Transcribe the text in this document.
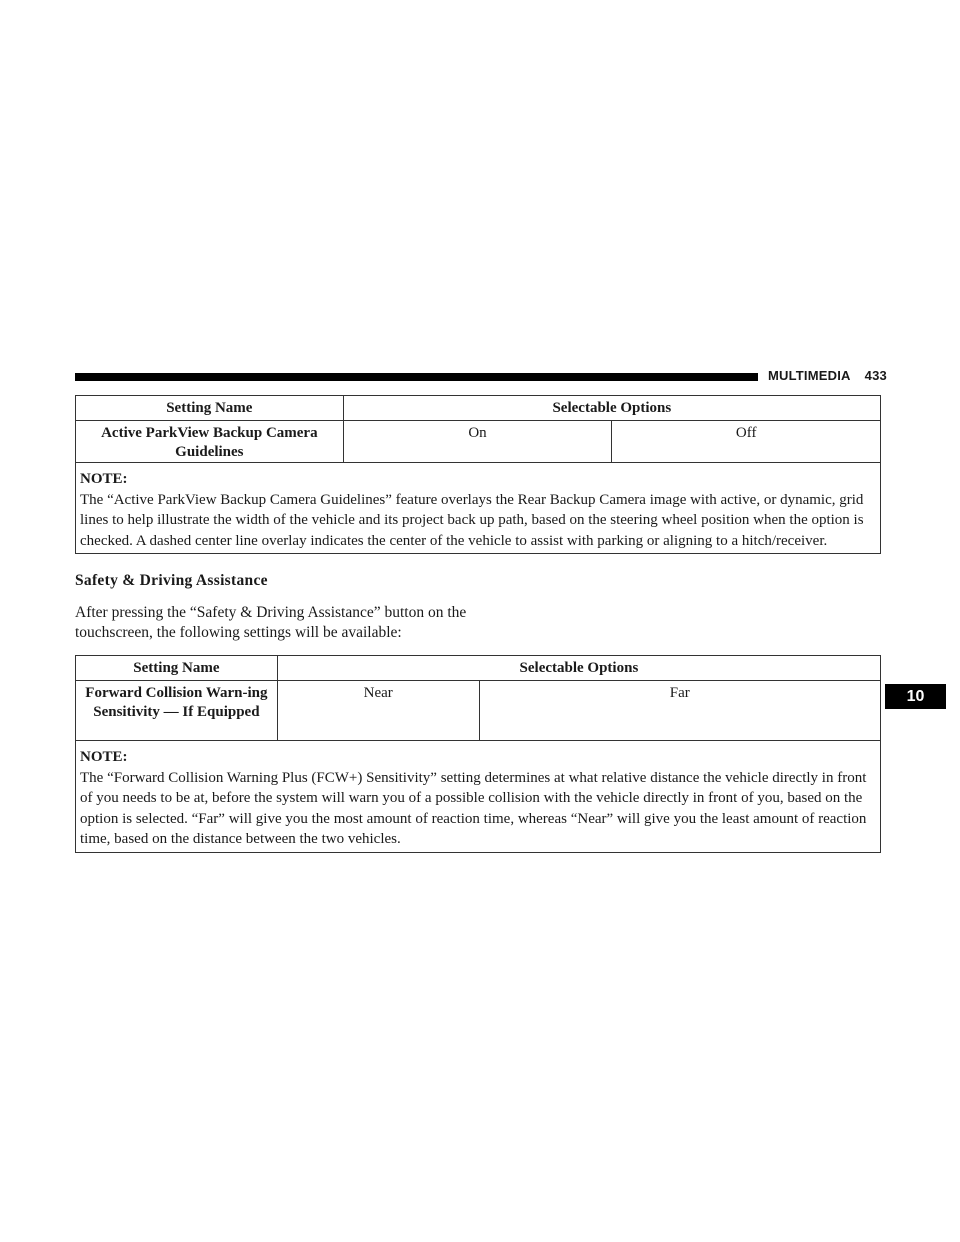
MULTIMEDIA 433
Setting Name	Selectable Options	
Active ParkView Backup Camera Guidelines	On	Off

NOTE:
The “Active ParkView Backup Camera Guidelines” feature overlays the Rear Backup Camera image with active, or dynamic, grid lines to help illustrate the width of the vehicle and its project back up path, based on the steering wheel position when the option is checked. A dashed center line overlay indicates the center of the vehicle to assist with parking or aligning to a hitch/receiver.		
Safety & Driving Assistance
After pressing the “Safety & Driving Assistance” button on the touchscreen, the following settings will be available:
Setting Name	Selectable Options	
Forward Collision Warn-ing Sensitivity — If Equipped	Near	Far

NOTE:
The “Forward Collision Warning Plus (FCW+) Sensitivity” setting determines at what relative distance the vehicle directly in front of you needs to be at, before the system will warn you of a possible collision with the vehicle directly in front of you, based on the option is selected. “Far” will give you the most amount of reaction time, whereas “Near” will give you the least amount of reaction time, based on the distance between the two vehicles.		
10
